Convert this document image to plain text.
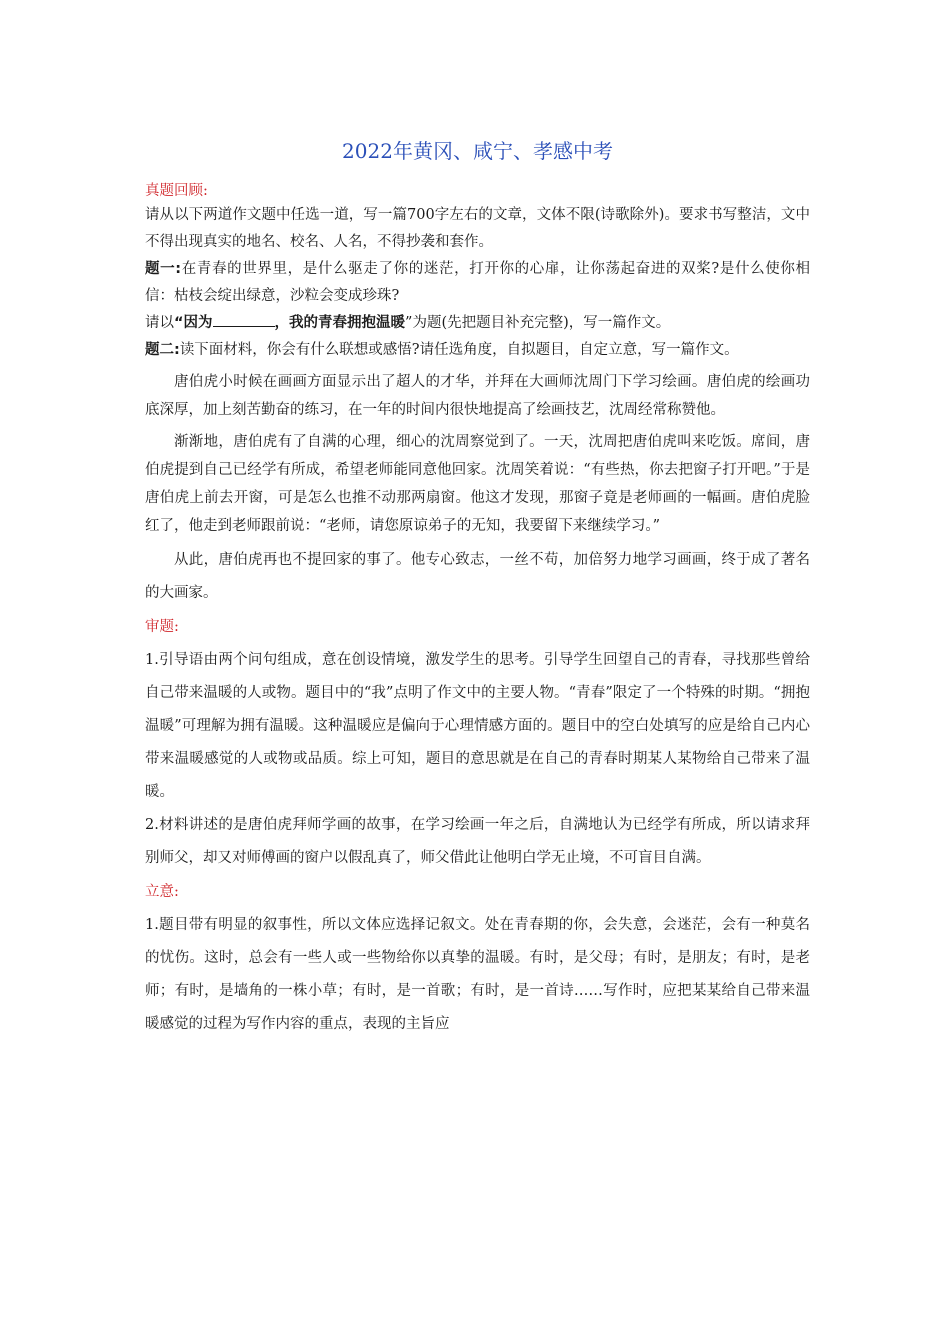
2022年黄冈、咸宁、孝感中考
真题回顾:

请从以下两道作文题中任选一道，写一篇700字左右的文章，文体不限(诗歌除外)。要求书写整洁，文中不得出现真实的地名、校名、人名，不得抄袭和套作。

题一:在青春的世界里，是什么驱走了你的迷茫，打开你的心扉，让你荡起奋进的双桨?是什么使你相信：枯枝会绽出绿意，沙粒会变成珍珠?

请以“因为	，我的青春拥抱温暖”为题(先把题目补充完整)，写一篇作文。

题二:读下面材料，你会有什么联想或感悟?请任选角度，自拟题目，自定立意，写一篇作文。

唐伯虎小时候在画画方面显示出了超人的才华，并拜在大画师沈周门下学习绘画。唐伯虎的绘画功底深厚，加上刻苦勤奋的练习，在一年的时间内很快地提高了绘画技艺，沈周经常称赞他。

渐渐地，唐伯虎有了自满的心理，细心的沈周察觉到了。一天，沈周把唐伯虎叫来吃饭。席间，唐伯虎提到自己已经学有所成，希望老师能同意他回家。沈周笑着说：“有些热，你去把窗子打开吧。”于是唐伯虎上前去开窗，可是怎么也推不动那两扇窗。他这才发现，那窗子竟是老师画的一幅画。唐伯虎脸红了，他走到老师跟前说：“老师，请您原谅弟子的无知，我要留下来继续学习。”

从此，唐伯虎再也不提回家的事了。他专心致志，一丝不苟，加倍努力地学习画画，终于成了著名的大画家。

审题:

1.引导语由两个问句组成，意在创设情境，激发学生的思考。引导学生回望自己的青春，寻找那些曾给自己带来温暖的人或物。题目中的“我”点明了作文中的主要人物。“青春”限定了一个特殊的时期。“拥抱温暖”可理解为拥有温暖。这种温暖应是偏向于心理情感方面的。题目中的空白处填写的应是给自己内心带来温暖感觉的人或物或品质。综上可知，题目的意思就是在自己的青春时期某人某物给自己带来了温暖。

2.材料讲述的是唐伯虎拜师学画的故事，在学习绘画一年之后，自满地认为已经学有所成，所以请求拜别师父，却又对师傅画的窗户以假乱真了，师父借此让他明白学无止境，不可盲目自满。

立意:

1.题目带有明显的叙事性，所以文体应选择记叙文。处在青春期的你，会失意，会迷茫，会有一种莫名的忧伤。这时，总会有一些人或一些物给你以真挚的温暖。有时，是父母；有时，是朋友；有时，是老师；有时，是墙角的一株小草；有时，是一首歌；有时，是一首诗……写作时，应把某某给自己带来温暖感觉的过程为写作内容的重点，表现的主旨应
